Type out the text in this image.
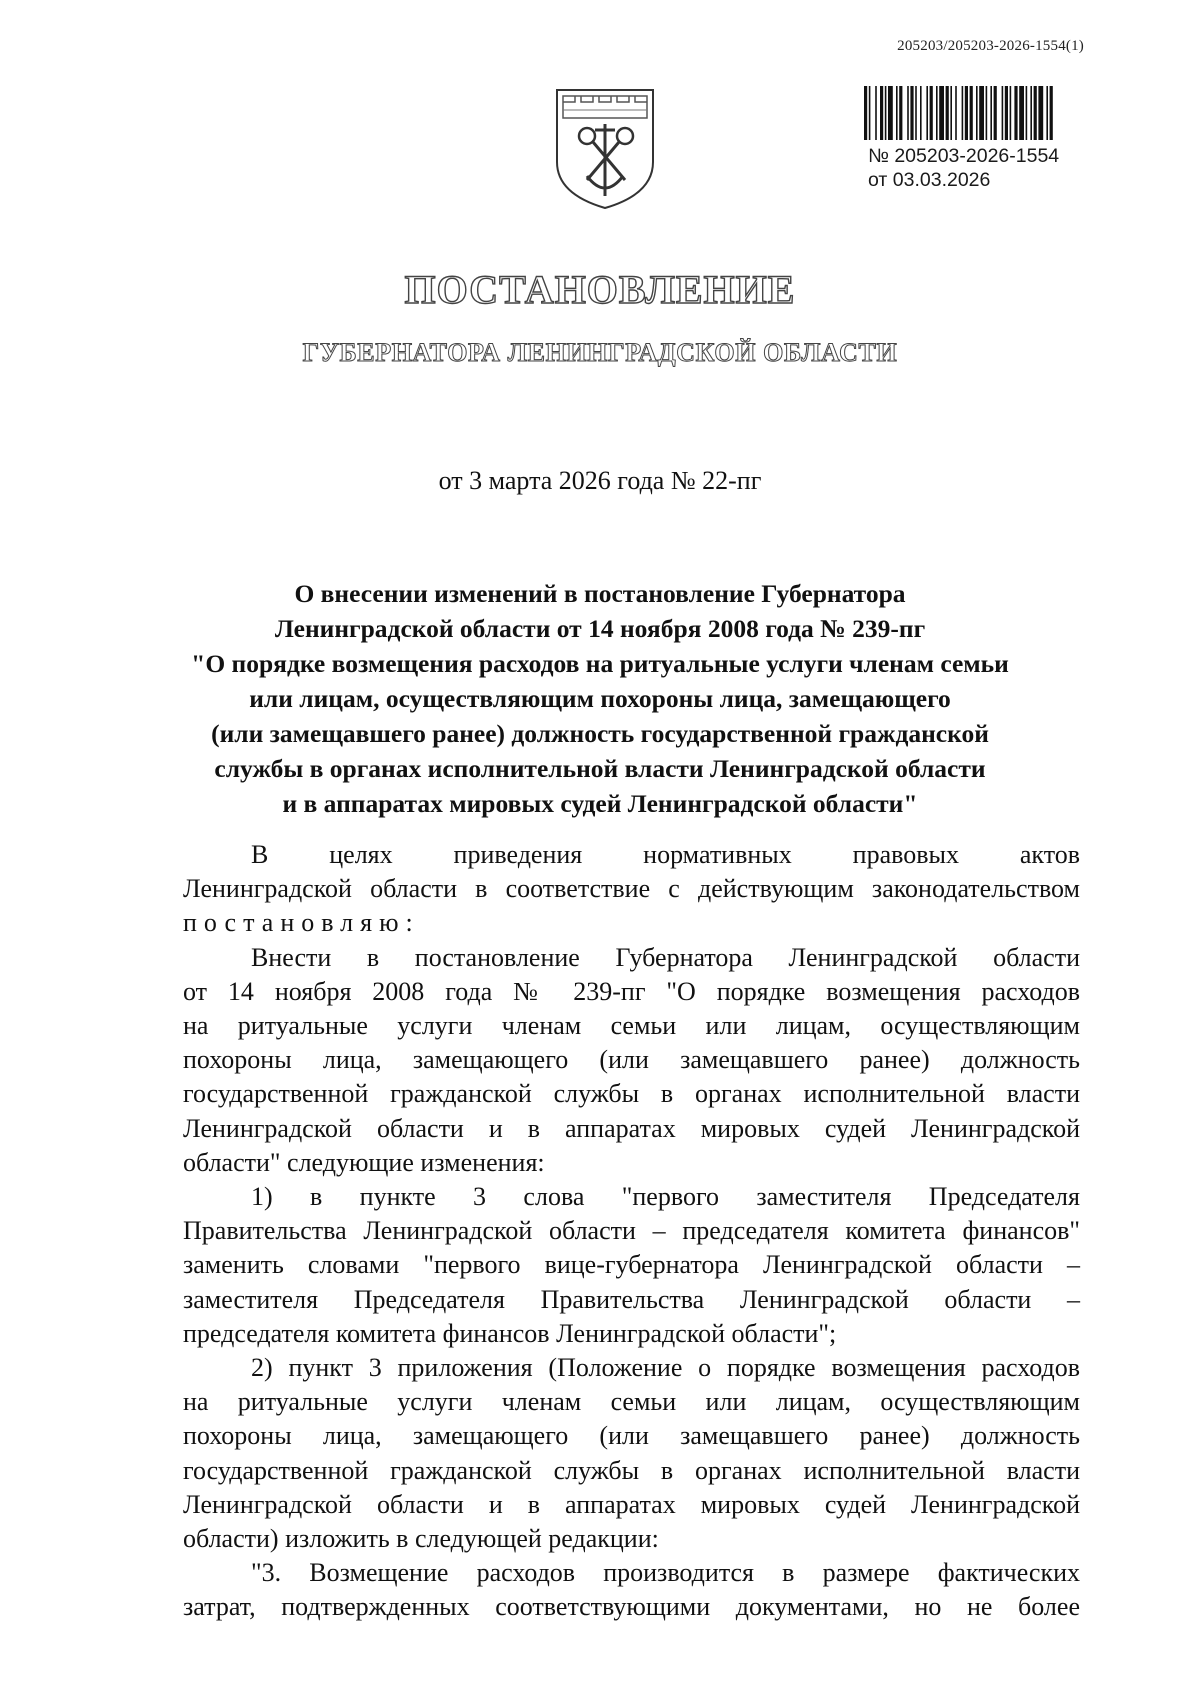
205203/205203-2026-1554(1)
№ 205203-2026-1554
от 03.03.2026
ПОСТАНОВЛЕНИЕ
ГУБЕРНАТОРА ЛЕНИНГРАДСКОЙ ОБЛАСТИ
от 3 марта 2026 года № 22-пг
О внесении изменений в постановление Губернатора
Ленинградской области от 14 ноября 2008 года № 239-пг
"О порядке возмещения расходов на ритуальные услуги членам семьи
или лицам, осуществляющим похороны лица, замещающего
(или замещавшего ранее) должность государственной гражданской
службы в органах исполнительной власти Ленинградской области
и в аппаратах мировых судей Ленинградской области"
В целях приведения нормативных правовых актов
Ленинградской области в соответствие с действующим законодательством
постановляю:
Внести в постановление Губернатора Ленинградской области
от 14 ноября 2008 года № 239-пг "О порядке возмещения расходов
на ритуальные услуги членам семьи или лицам, осуществляющим
похороны лица, замещающего (или замещавшего ранее) должность
государственной гражданской службы в органах исполнительной власти
Ленинградской области и в аппаратах мировых судей Ленинградской
области" следующие изменения:
1) в пункте 3 слова "первого заместителя Председателя
Правительства Ленинградской области – председателя комитета финансов"
заменить словами "первого вице-губернатора Ленинградской области –
заместителя Председателя Правительства Ленинградской области –
председателя комитета финансов Ленинградской области";
2) пункт 3 приложения (Положение о порядке возмещения расходов
на ритуальные услуги членам семьи или лицам, осуществляющим
похороны лица, замещающего (или замещавшего ранее) должность
государственной гражданской службы в органах исполнительной власти
Ленинградской области и в аппаратах мировых судей Ленинградской
области) изложить в следующей редакции:
"3. Возмещение расходов производится в размере фактических
затрат, подтвержденных соответствующими документами, но не более
